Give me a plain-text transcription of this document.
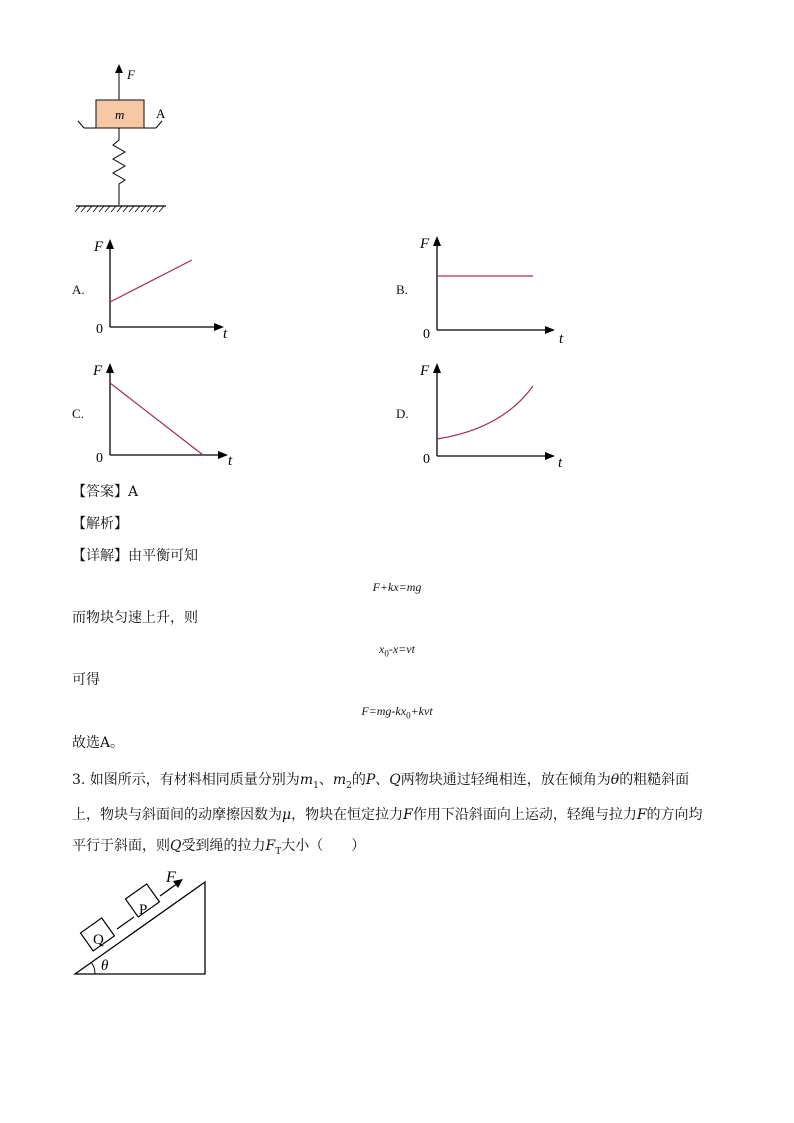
F
m A
A.
F
t
0
B.
F
t
0
C.
F
t
0
D.
F
t
0
【答案】A
【解析】
【详解】由平衡可知
F+kx=mg
而物块匀速上升，则
$x_0-x=vt$
可得
$F=mg-kx_0+kvt$
故选A。
3. 如图所示，有材料相同质量分别为$m_1$、$m_2$的P、Q两物块通过轻绳相连，放在倾角为θ的粗糙斜面
上，物块与斜面间的动摩擦因数为μ，物块在恒定拉力F作用下沿斜面向上运动，轻绳与拉力F的方向均
平行于斜面，则Q受到绳的拉力$F_T$大小（　　）
θ
Q
P
F
